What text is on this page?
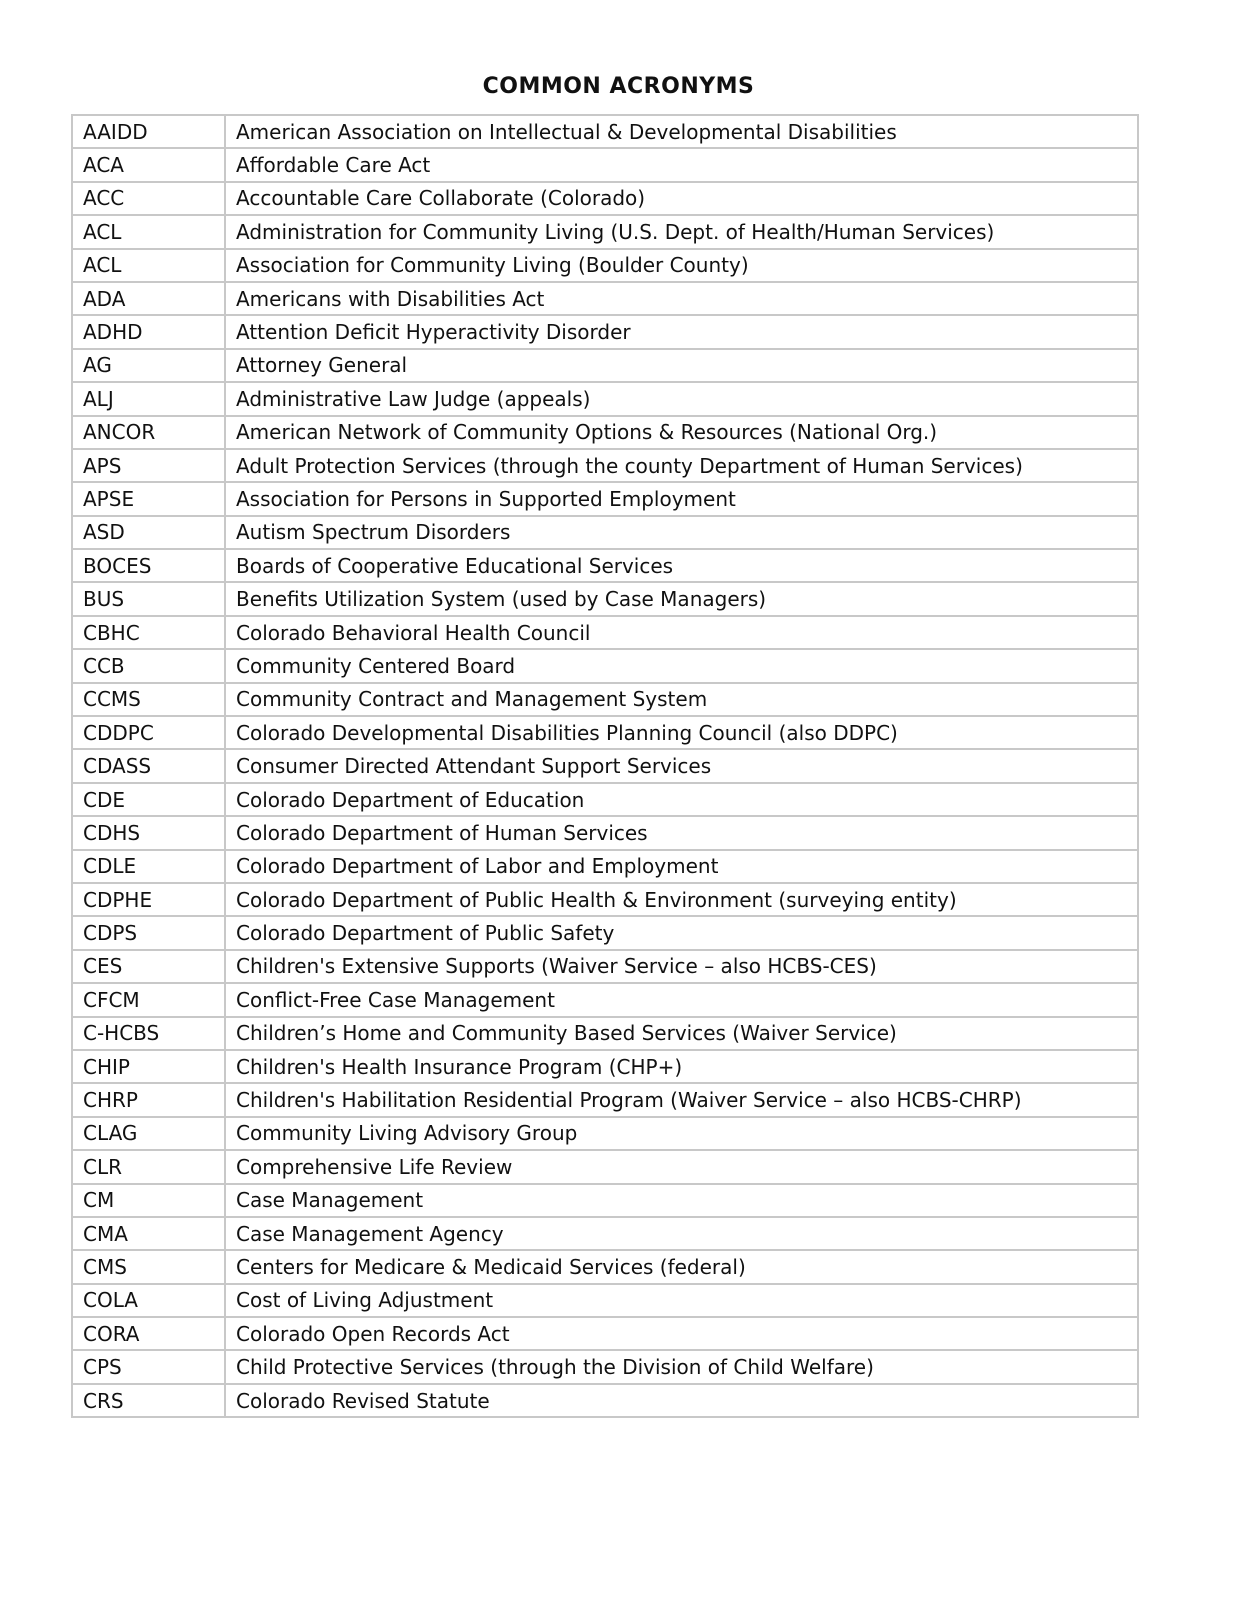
COMMON ACRONYMS
AAIDD	American Association on Intellectual & Developmental Disabilities
ACA	Affordable Care Act
ACC	Accountable Care Collaborate (Colorado)
ACL	Administration for Community Living (U.S. Dept. of Health/Human Services)
ACL	Association for Community Living (Boulder County)
ADA	Americans with Disabilities Act
ADHD	Attention Deficit Hyperactivity Disorder
AG	Attorney General
ALJ	Administrative Law Judge (appeals)
ANCOR	American Network of Community Options & Resources (National Org.)
APS	Adult Protection Services (through the county Department of Human Services)
APSE	Association for Persons in Supported Employment
ASD	Autism Spectrum Disorders
BOCES	Boards of Cooperative Educational Services
BUS	Benefits Utilization System (used by Case Managers)
CBHC	Colorado Behavioral Health Council
CCB	Community Centered Board
CCMS	Community Contract and Management System
CDDPC	Colorado Developmental Disabilities Planning Council (also DDPC)
CDASS	Consumer Directed Attendant Support Services
CDE	Colorado Department of Education
CDHS	Colorado Department of Human Services
CDLE	Colorado Department of Labor and Employment
CDPHE	Colorado Department of Public Health & Environment (surveying entity)
CDPS	Colorado Department of Public Safety
CES	Children's Extensive Supports (Waiver Service – also HCBS-CES)
CFCM	Conflict-Free Case Management
C-HCBS	Children’s Home and Community Based Services (Waiver Service)
CHIP	Children's Health Insurance Program (CHP+)
CHRP	Children's Habilitation Residential Program (Waiver Service – also HCBS-CHRP)
CLAG	Community Living Advisory Group
CLR	Comprehensive Life Review
CM	Case Management
CMA	Case Management Agency
CMS	Centers for Medicare & Medicaid Services (federal)
COLA	Cost of Living Adjustment
CORA	Colorado Open Records Act
CPS	Child Protective Services (through the Division of Child Welfare)
CRS	Colorado Revised Statute
